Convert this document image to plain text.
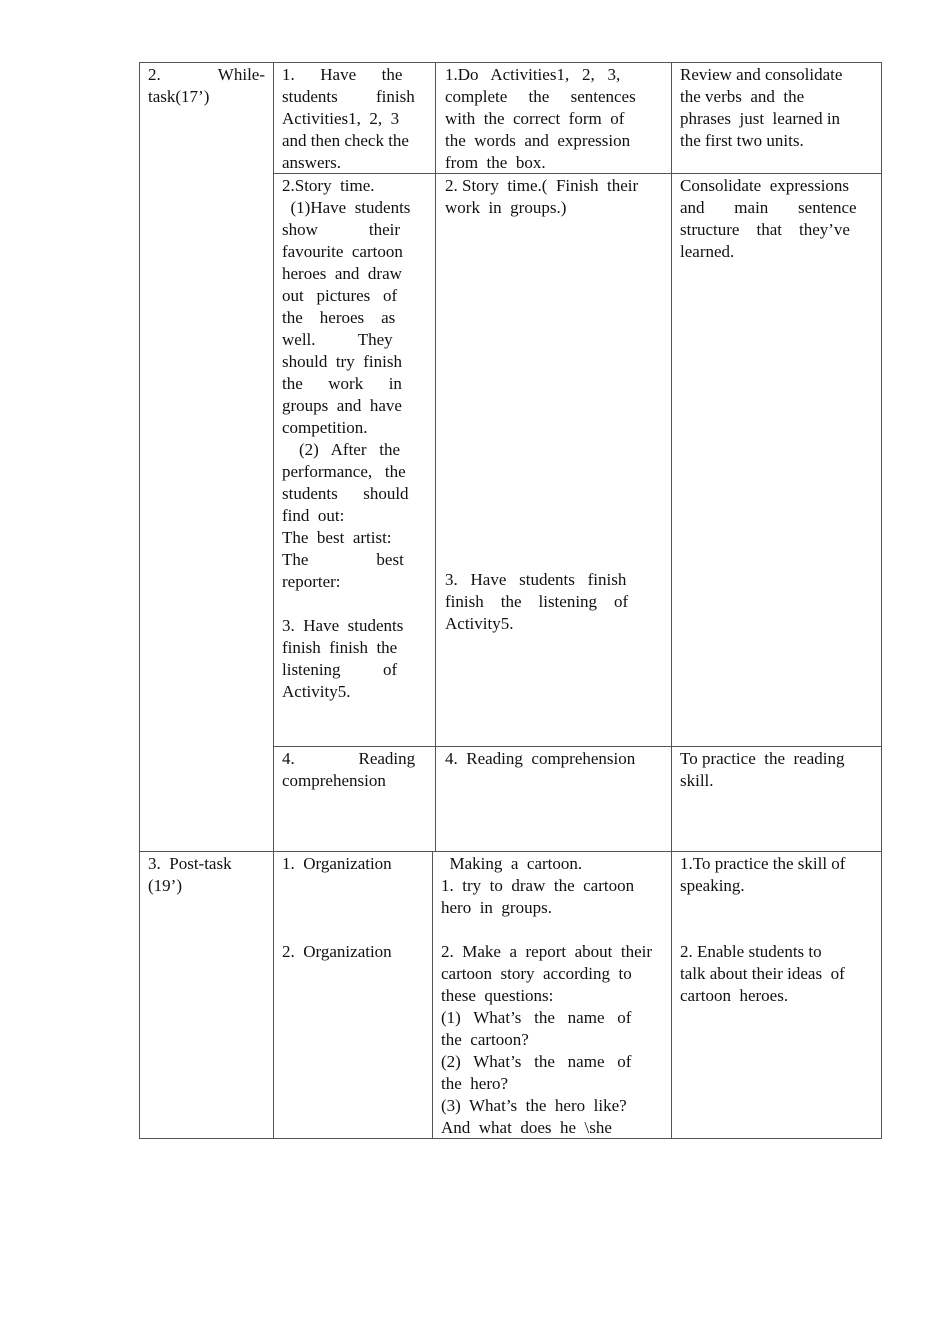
2.	While-
task(17’)
1.      Have      the
students         finish
Activities1,  2,  3
and then check the
answers.
1.Do   Activities1,   2,   3,
complete     the     sentences
with  the  correct  form  of
the  words  and  expression
from  the  box.
Review and consolidate
the verbs  and  the
phrases  just  learned in
the first two units.
2.Story  time.
(1)Have  students
show            their
favourite  cartoon
heroes  and  draw
out   pictures   of
the    heroes    as
well.          They
should  try  finish
the      work      in
groups  and  have
competition.
(2)   After   the
performance,   the
students      should
find  out:
The  best  artist:
The                best
reporter:
3.  Have  students
finish  finish  the
listening          of
Activity5.
2. Story  time.(  Finish  their
work  in  groups.)
3.   Have   students   finish
finish    the    listening    of
Activity5.
Consolidate  expressions
and       main       sentence
structure    that    they’ve
learned.
4.               Reading
comprehension
4.  Reading  comprehension	To practice  the  reading
skill.
3.  Post-task
(19’)
1.  Organization
2.  Organization
Making  a  cartoon.
1.  try  to  draw  the  cartoon
hero  in  groups.
2.  Make  a  report  about  their
cartoon  story  according  to
these  questions:
(1)   What’s   the   name   of
the  cartoon?
(2)   What’s   the   name   of
the  hero?
(3)  What’s  the  hero  like?
And  what  does  he  \she
1.To practice the skill of
speaking.
2. Enable students to
talk about their ideas  of
cartoon  heroes.
